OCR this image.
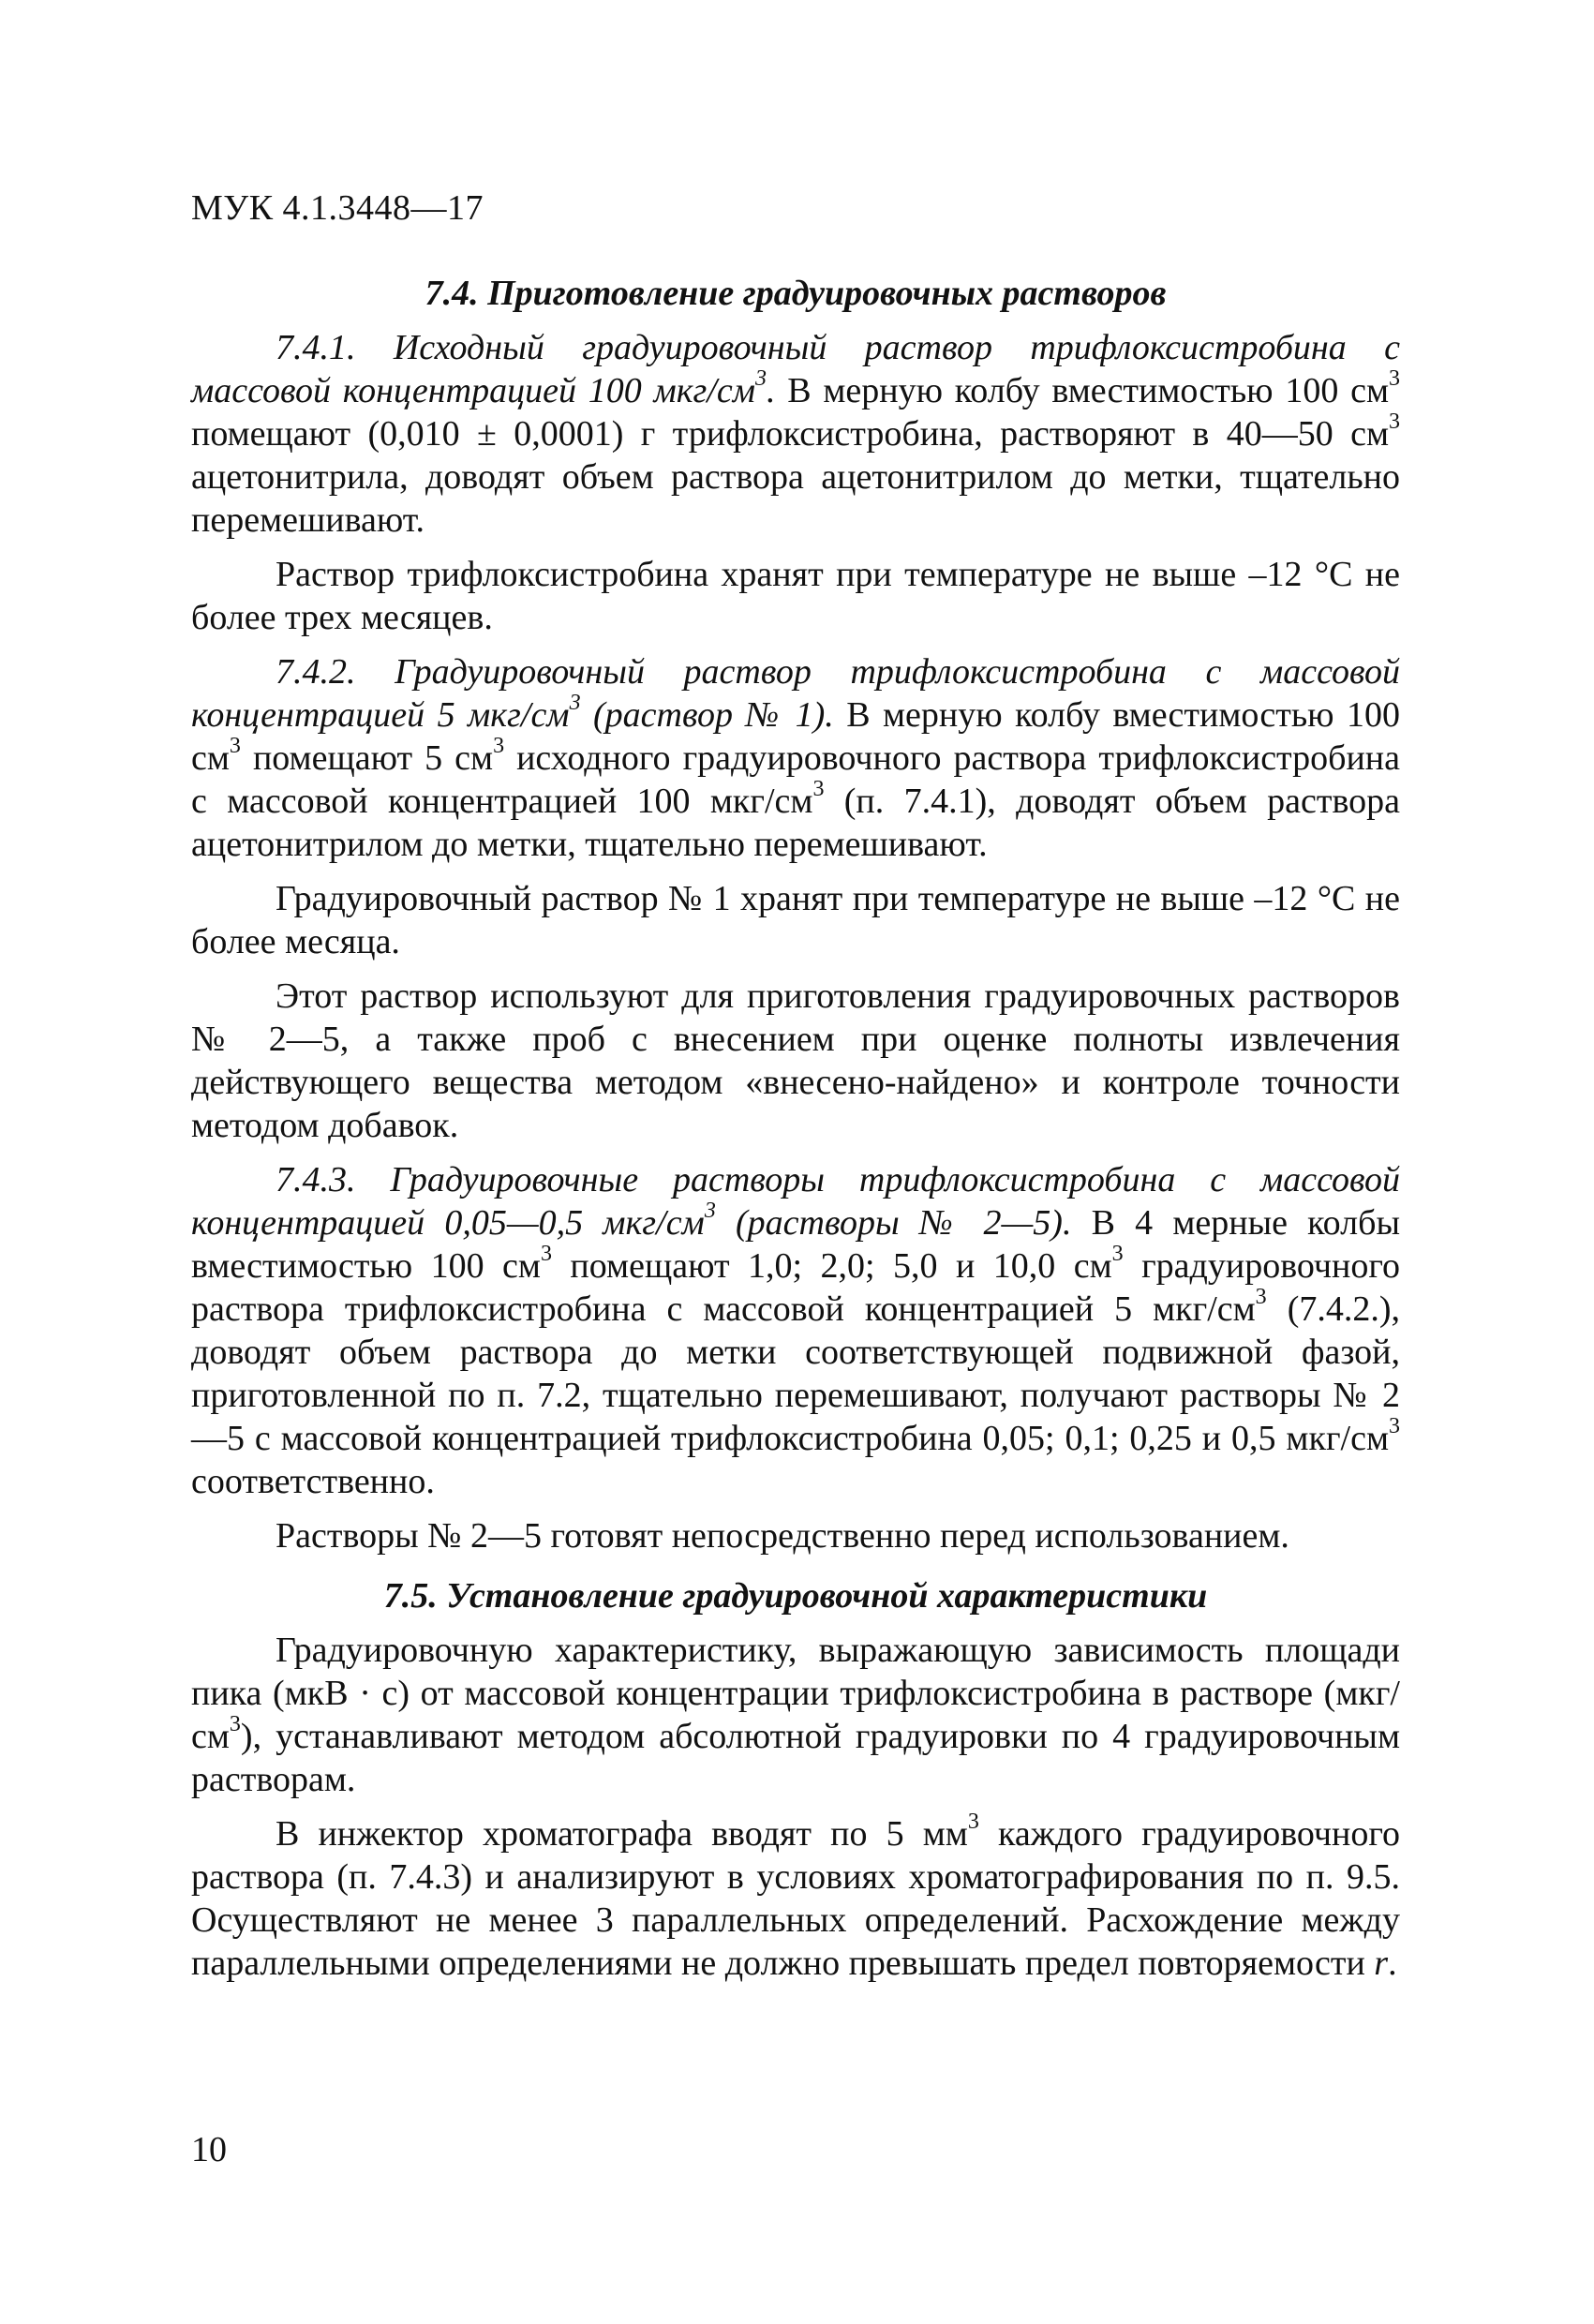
МУК 4.1.3448—17
7.4. Приготовление градуировочных растворов
7.4.1. Исходный градуировочный раствор трифлоксистробина с массовой концентрацией 100 мкг/$см^3$. В мерную колбу вместимостью 100 $см^3$ помещают (0,010 ± 0,0001) г трифлоксистробина, растворяют в 40—50 $см^3$ ацетонитрила, доводят объем раствора ацетонитрилом до метки, тщательно перемешивают.
Раствор трифлоксистробина хранят при температуре не выше –12 °С не более трех месяцев.
7.4.2. Градуировочный раствор трифлоксистробина с массовой концентрацией 5 мкг/$см^3$ (раствор № 1). В мерную колбу вместимостью 100 $см^3$ помещают 5 $см^3$ исходного градуировочного раствора трифлоксистробина с массовой концентрацией 100 мкг/$см^3$ (п. 7.4.1), доводят объем раствора ацетонитрилом до метки, тщательно перемешивают.
Градуировочный раствор № 1 хранят при температуре не выше –12 °С не более месяца.
Этот раствор используют для приготовления градуировочных растворов № 2—5, а также проб с внесением при оценке полноты извлечения действующего вещества методом «внесено-найдено» и контроле точности методом добавок.
7.4.3. Градуировочные растворы трифлоксистробина с массовой концентрацией 0,05—0,5 мкг/$см^3$ (растворы № 2—5). В 4 мерные колбы вместимостью 100 $см^3$ помещают 1,0; 2,0; 5,0 и 10,0 $см^3$ градуировочного раствора трифлоксистробина с массовой концентрацией 5 мкг/$см^3$ (7.4.2.), доводят объем раствора до метки соответствующей подвижной фазой, приготовленной по п. 7.2, тщательно перемешивают, получают растворы № 2—5 с массовой концентрацией трифлоксистробина 0,05; 0,1; 0,25 и 0,5 мкг/$см^3$ соответственно.
Растворы № 2—5 готовят непосредственно перед использованием.
7.5. Установление градуировочной характеристики
Градуировочную характеристику, выражающую зависимость площади пика (мкВ · с) от массовой концентрации трифлоксистробина в растворе $(мкг/см^3)$, устанавливают методом абсолютной градуировки по 4 градуировочным растворам.
В инжектор хроматографа вводят по 5 $мм^3$ каждого градуировочного раствора (п. 7.4.3) и анализируют в условиях хроматографирования по п. 9.5. Осуществляют не менее 3 параллельных определений. Расхождение между параллельными определениями не должно превышать предел повторяемости r.
10
